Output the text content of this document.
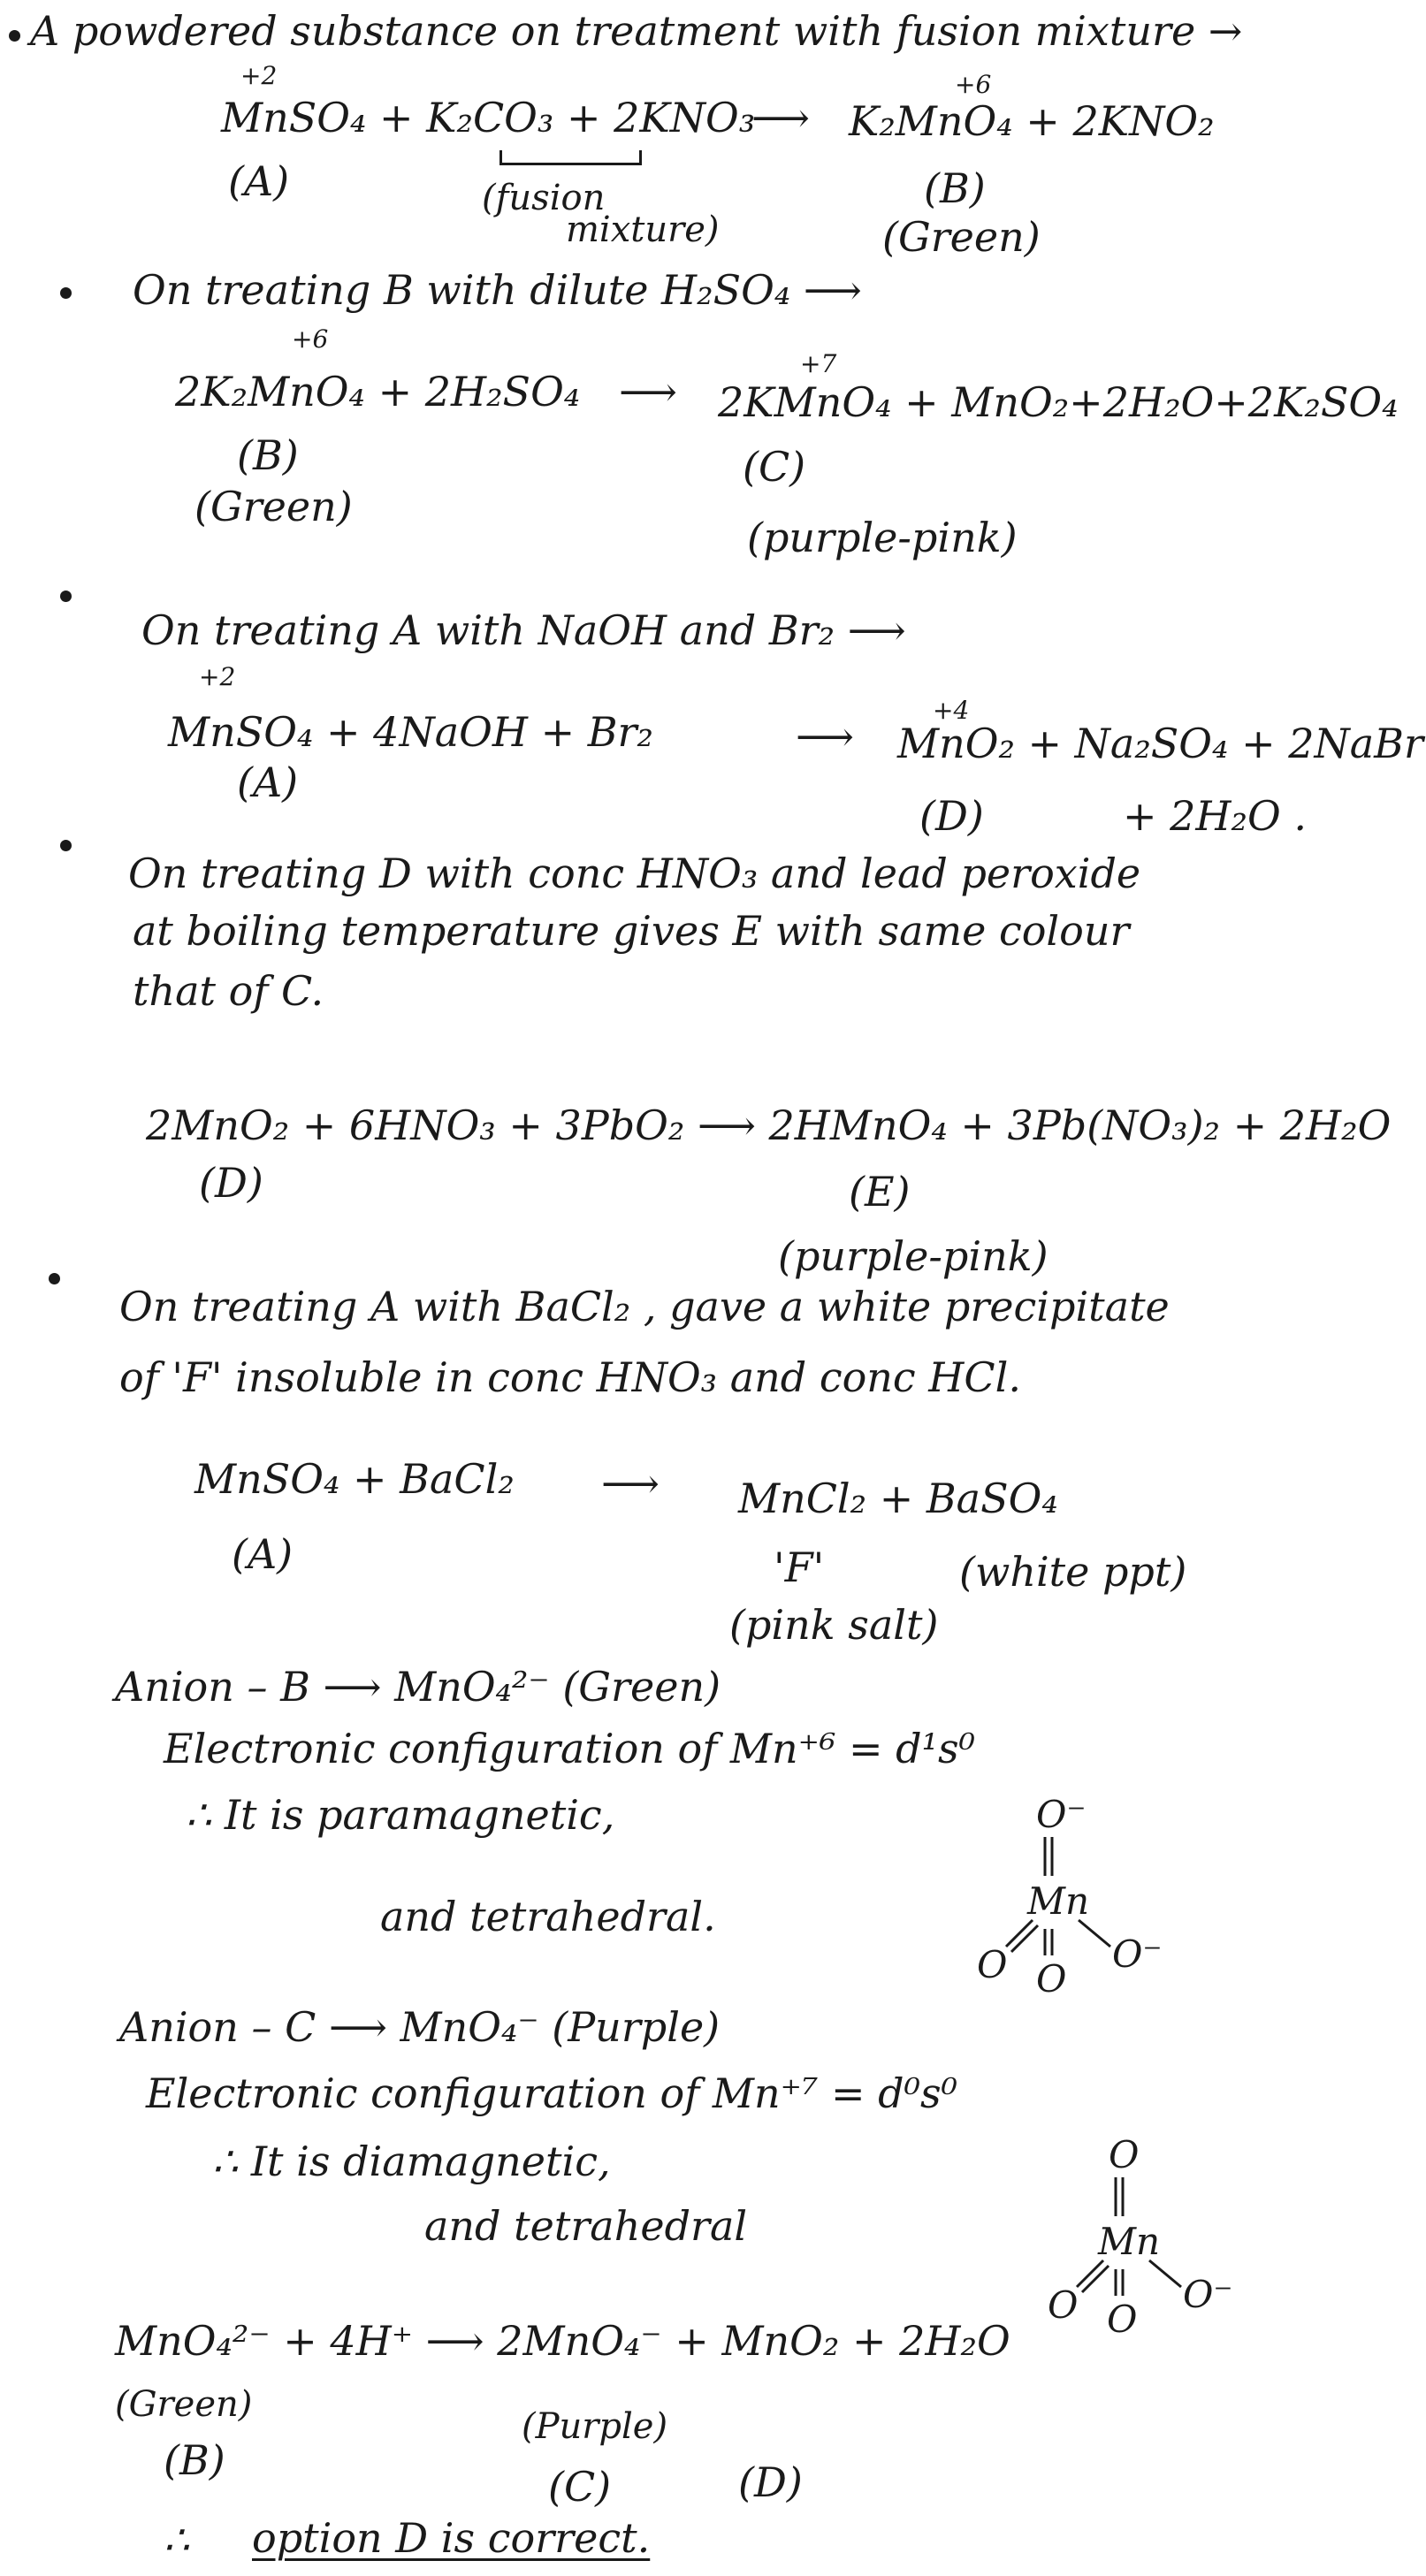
A powdered substance on treatment with fusion mixture →
+2	+6
MnSO₄ + K₂CO₃ + 2KNO₃
⟶ K₂MnO₄ + 2KNO₂
(A)	(fusion
mixture)
(B)
(Green)
On treating B with dilute H₂SO₄ ⟶
+6
+7
2K₂MnO₄ + 2H₂SO₄ ⟶ 2KMnO₄ + MnO₂+2H₂O+2K₂SO₄
(B)
(Green)
(C)
(purple-pink)
On treating A with NaOH and Br₂ ⟶
+2
+4
MnSO₄ + 4NaOH + Br₂	⟶ MnO₂ + Na₂SO₄ + 2NaBr
(A)
(D)	+ 2H₂O .
On treating D with conc HNO₃ and lead peroxide
at boiling temperature gives E with same colour
that of C.
2MnO₂ + 6HNO₃ + 3PbO₂ ⟶ 2HMnO₄ + 3Pb(NO₃)₂ + 2H₂O
(D)	(E)
(purple-pink)
On treating A with BaCl₂ , gave a white precipitate
of 'F' insoluble in conc HNO₃ and conc HCl.
MnSO₄ + BaCl₂ ⟶ MnCl₂ + BaSO₄
(A)	'F'	(white ppt)
(pink salt)
Anion – B ⟶ MnO₄²⁻ (Green)
Electronic configuration of Mn⁺⁶ = d¹s⁰
∴ It is paramagnetic,
and tetrahedral.	Mn
O⁻
O O
O⁻
Anion – C ⟶ MnO₄⁻ (Purple)
Electronic configuration of Mn⁺⁷ = d⁰s⁰
∴ It is diamagnetic,
and tetrahedral	Mn
O
O O
O⁻
MnO₄²⁻ + 4H⁺ ⟶ 2MnO₄⁻ + MnO₂ + 2H₂O
(Green)
(Purple)
(B)
(C)	(D)
∴ option D is correct.
